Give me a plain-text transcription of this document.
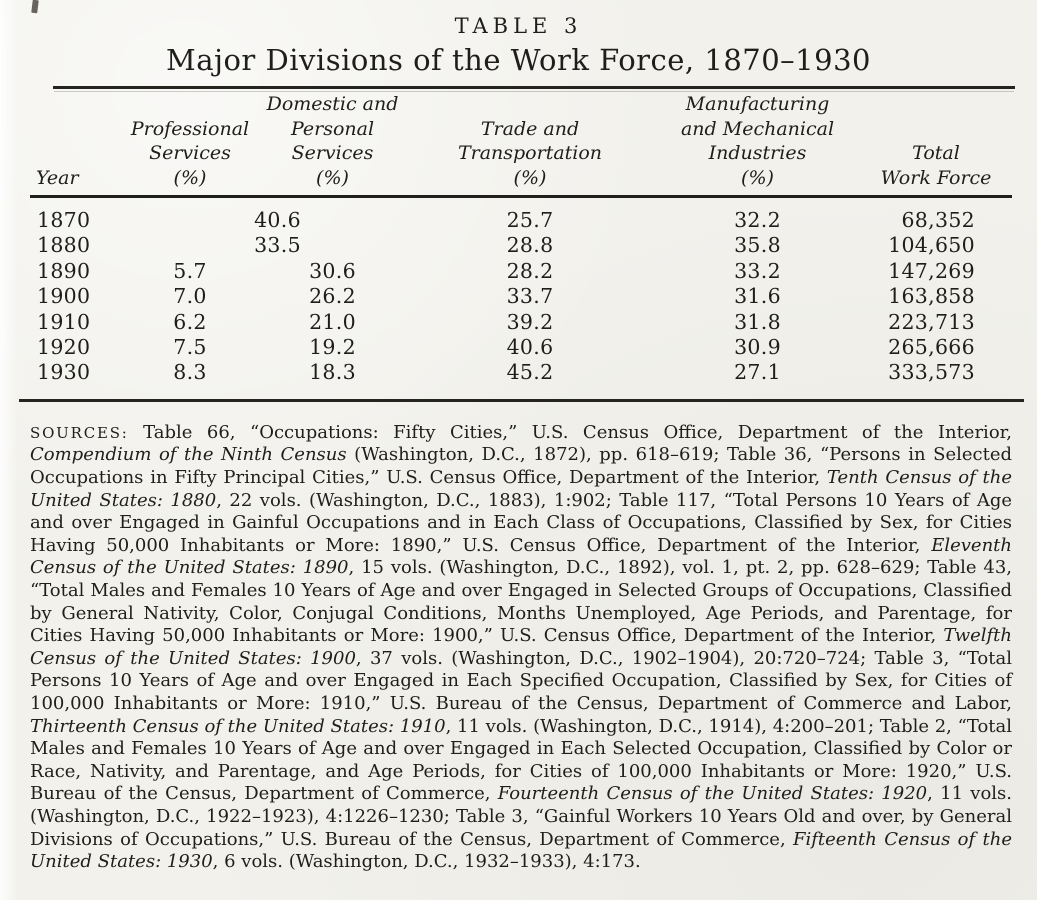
TABLE 3
Major Divisions of the Work Force, 1870–1930
Year

Professional
Services
(%)

Domestic and
Personal
Services
(%)

Trade and
Transportation
(%)

Manufacturing
and Mechanical
Industries
(%)

Total
Work Force

1870	40.6		25.7	32.2	68,352
1880	33.5		28.8	35.8	104,650
1890	5.7	30.6	28.2	33.2	147,269
1900	7.0	26.2	33.7	31.6	163,858
1910	6.2	21.0	39.2	31.8	223,713
1920	7.5	19.2	40.6	30.9	265,666
1930	8.3	18.3	45.2	27.1	333,573
SOURCES: Table 66, “Occupations: Fifty Cities,” U.S. Census Office, Department of the Interior, Compendium of the Ninth Census (Washington, D.C., 1872), pp. 618–619; Table 36, “Persons in Selected Occupations in Fifty Principal Cities,” U.S. Census Office, Department of the Interior, Tenth Census of the United States: 1880, 22 vols. (Washington, D.C., 1883), 1:902; Table 117, “Total Persons 10 Years of Age and over Engaged in Gainful Occupations and in Each Class of Occupations, Classified by Sex, for Cities Having 50,000 Inhabitants or More: 1890,” U.S. Census Office, Department of the Interior, Eleventh Census of the United States: 1890, 15 vols. (Washington, D.C., 1892), vol. 1, pt. 2, pp. 628–629; Table 43, “Total Males and Females 10 Years of Age and over Engaged in Selected Groups of Occupations, Classified by General Nativity, Color, Conjugal Conditions, Months Unemployed, Age Periods, and Parentage, for Cities Having 50,000 Inhabitants or More: 1900,” U.S. Census Office, Department of the Interior, Twelfth Census of the United States: 1900, 37 vols. (Washington, D.C., 1902–1904), 20:720–724; Table 3, “Total Persons 10 Years of Age and over Engaged in Each Specified Occupation, Classified by Sex, for Cities of 100,000 Inhabitants or More: 1910,” U.S. Bureau of the Census, Department of Commerce and Labor, Thirteenth Census of the United States: 1910, 11 vols. (Washington, D.C., 1914), 4:200–201; Table 2, “Total Males and Females 10 Years of Age and over Engaged in Each Selected Occupation, Classified by Color or Race, Nativity, and Parentage, and Age Periods, for Cities of 100,000 Inhabitants or More: 1920,” U.S. Bureau of the Census, Department of Commerce, Fourteenth Census of the United States: 1920, 11 vols. (Washington, D.C., 1922–1923), 4:1226–1230; Table 3, “Gainful Workers 10 Years Old and over, by General Divisions of Occupations,” U.S. Bureau of the Census, Department of Commerce, Fifteenth Census of the United States: 1930, 6 vols. (Washington, D.C., 1932–1933), 4:173.
